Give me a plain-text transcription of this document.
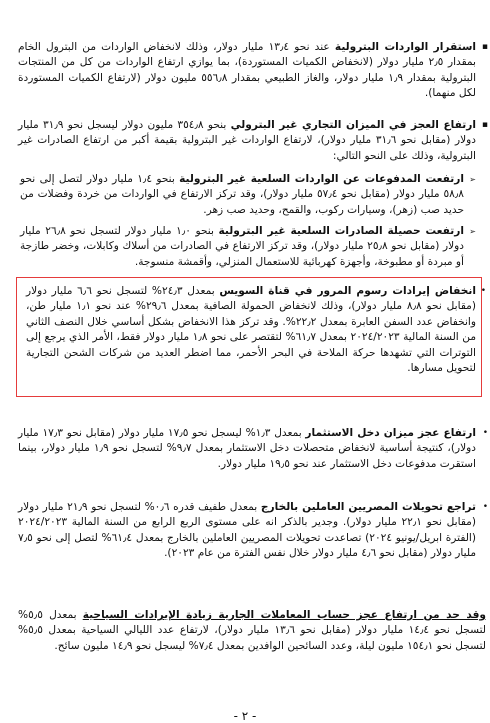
▪
استقرار الواردات البترولية عند نحو ١٣٫٤ مليار دولار، وذلك لانخفاض الواردات من البترول الخام بمقدار ٢٫٥ مليار دولار (لانخفاض الكميات المستوردة)، بما يوازي ارتفاع الواردات من كل من المنتجات البترولية بمقدار ١٫٩ مليار دولار، والغاز الطبيعي بمقدار ٥٥٦٫٨ مليون دولار (لارتفاع الكميات المستوردة لكل منهما).
▪
ارتفاع العجز في الميزان التجاري غير البترولي بنحو ٣٥٤٫٨ مليون دولار ليسجل نحو ٣١٫٩ مليار دولار (مقابل نحو ٣١٫٦ مليار دولار)، لارتفاع الواردات غير البترولية بقيمة أكبر من ارتفاع الصادرات غير البترولية، وذلك على النحو التالي:
➢
ارتفعت المدفوعات عن الواردات السلعية غير البترولية بنحو ١٫٤ مليار دولار لتصل إلى نحو ٥٨٫٨ مليار دولار (مقابل نحو ٥٧٫٤ مليار دولار)، وقد تركز الارتفاع في الواردات من خردة وفضلات من حديد صب (زهر)، وسيارات ركوب، والقمح، وحديد صب زهر.
➢
ارتفعت حصيلة الصادرات السلعية غير البترولية بنحو ١٫٠ مليار دولار لتسجل نحو ٢٦٫٨ مليار دولار (مقابل نحو ٢٥٫٨ مليار دولار)، وقد تركز الارتفاع في الصادرات من أسلاك وكابلات، وخضر طازجة أو مبردة أو مطبوخة، وأجهزة كهربائية للاستعمال المنزلي، وأقمشة منسوجة.
•
انخفاض إيرادات رسوم المرور في قناة السويس بمعدل ٢٤٫٣% لتسجل نحو ٦٫٦ مليار دولار (مقابل نحو ٨٫٨ مليار دولار)، وذلك لانخفاض الحمولة الصافية بمعدل ٢٩٫٦% عند نحو ١٫١ مليار طن، وانخفاض عدد السفن العابرة بمعدل ٢٢٫٢%. وقد تركز هذا الانخفاض بشكل أساسي خلال النصف الثاني من السنة المالية ٢٠٢٤/٢٠٢٣ بمعدل ٦١٫٧% لتقتصر على نحو ١٫٨ مليار دولار فقط، الأمر الذي يرجع إلى التوترات التي تشهدها حركة الملاحة في البحر الأحمر، مما اضطر العديد من شركات الشحن التجارية لتحويل مسارها.
•
ارتفاع عجز ميزان دخل الاستثمار بمعدل ١٫٣% ليسجل نحو ١٧٫٥ مليار دولار (مقابل نحو ١٧٫٣ مليار دولار)، كنتيجة أساسية لانخفاض متحصلات دخل الاستثمار بمعدل ٩٫٧% لتسجل نحو ١٫٩ مليار دولار، بينما استقرت مدفوعات دخل الاستثمار عند نحو ١٩٫٥ مليار دولار.
•
تراجع تحويلات المصريين العاملين بالخارج بمعدل طفيف قدره ٠٫٦% لتسجل نحو ٢١٫٩ مليار دولار (مقابل نحو ٢٢٫١ مليار دولار). وجدير بالذكر انه على مستوى الربع الرابع من السنة المالية ٢٠٢٤/٢٠٢٣ (الفترة ابريل/يونيو ٢٠٢٤) تصاعدت تحويلات المصريين العاملين بالخارج بمعدل ٦١٫٤% لتصل إلى نحو ٧٫٥ مليار دولار (مقابل نحو ٤٫٦ مليار دولار خلال نفس الفترة من عام ٢٠٢٣).
وقد حد من ارتفاع عجز حساب المعاملات الجارية زيادة الإيرادات السياحية بمعدل ٥٫٥% لتسجل نحو ١٤٫٤ مليار دولار (مقابل نحو ١٣٫٦ مليار دولار)، لارتفاع عدد الليالي السياحية بمعدل ٥٫٥% لتسجل نحو ١٥٤٫١ مليون ليلة، وعدد السائحين الوافدين بمعدل ٧٫٤% ليسجل نحو ١٤٫٩ مليون سائح.
- ٢ -
